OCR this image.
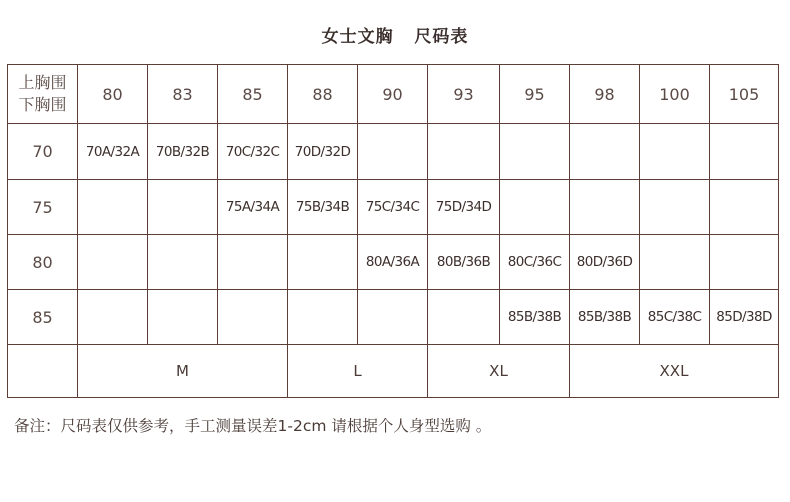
女士文胸   尺码表
上胸围
下胸围	80	83	85	88	90	93	95	98	100	105
70	70A/32A	70B/32B	70C/32C	70D/32D						
75			75A/34A	75B/34B	75C/34C	75D/34D				
80					80A/36A	80B/36B	80C/36C	80D/36D		
85							85B/38B	85B/38B	85C/38C	85D/38D
	M			L		XL		XXL		
备注：尺码表仅供参考，手工测量误差1-2cm 请根据个人身型选购 。
